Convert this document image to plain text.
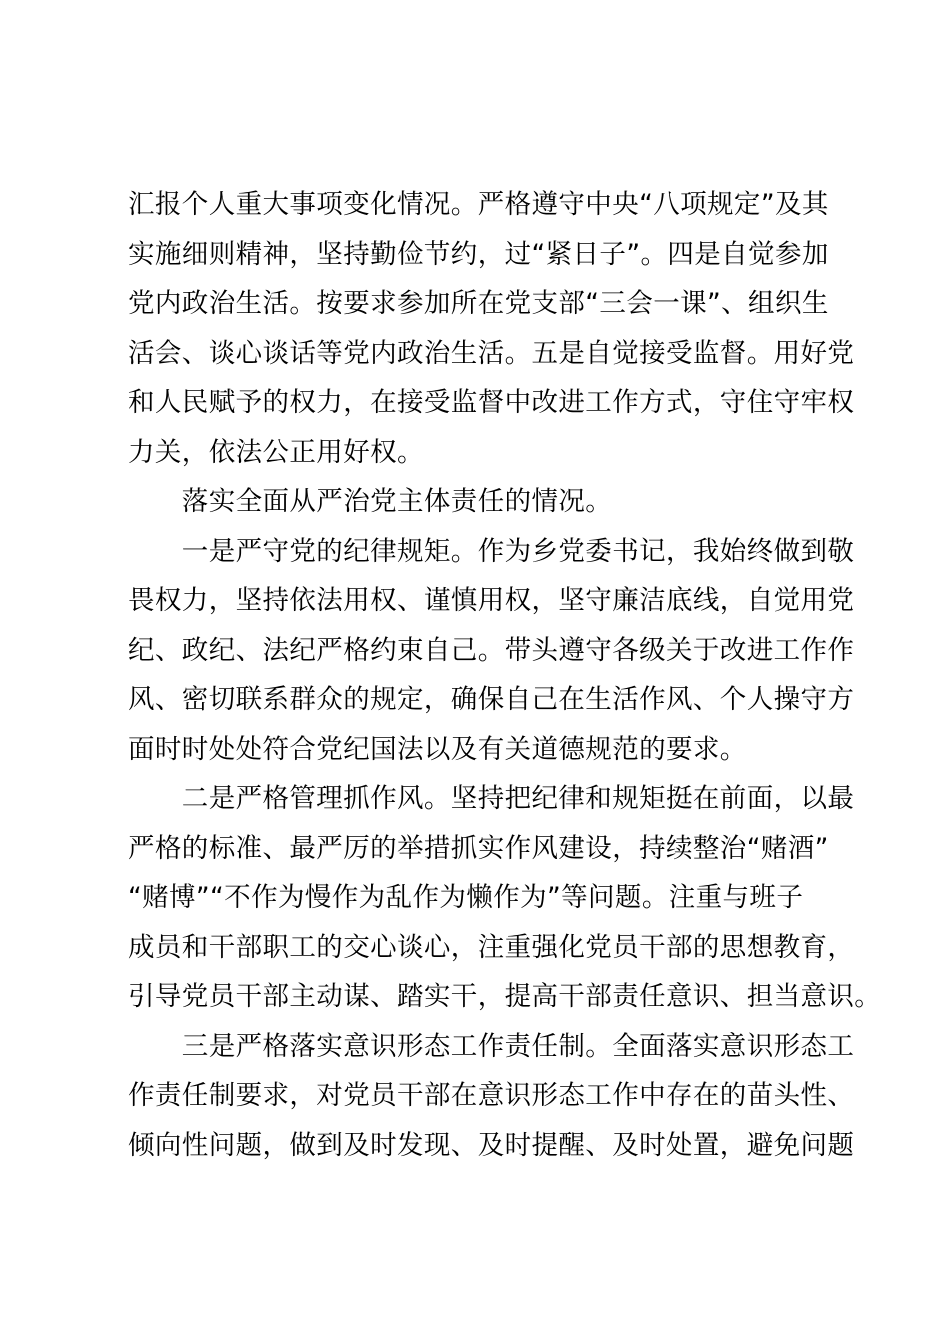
汇报个人重大事项变化情况。严格遵守中央“八项规定”及其
实施细则精神，坚持勤俭节约，过“紧日子”。四是自觉参加
党内政治生活。按要求参加所在党支部“三会一课”、组织生
活会、谈心谈话等党内政治生活。五是自觉接受监督。用好党
和人民赋予的权力，在接受监督中改进工作方式，守住守牢权
力关，依法公正用好权。
　　落实全面从严治党主体责任的情况。
　　一是严守党的纪律规矩。作为乡党委书记，我始终做到敬
畏权力，坚持依法用权、谨慎用权，坚守廉洁底线，自觉用党
纪、政纪、法纪严格约束自己。带头遵守各级关于改进工作作
风、密切联系群众的规定，确保自己在生活作风、个人操守方
面时时处处符合党纪国法以及有关道德规范的要求。
　　二是严格管理抓作风。坚持把纪律和规矩挺在前面，以最
严格的标准、最严厉的举措抓实作风建设，持续整治“赌酒”
“赌博”“不作为慢作为乱作为懒作为”等问题。注重与班子
成员和干部职工的交心谈心，注重强化党员干部的思想教育，
引导党员干部主动谋、踏实干，提高干部责任意识、担当意识。
　　三是严格落实意识形态工作责任制。全面落实意识形态工
作责任制要求，对党员干部在意识形态工作中存在的苗头性、
倾向性问题，做到及时发现、及时提醒、及时处置，避免问题
